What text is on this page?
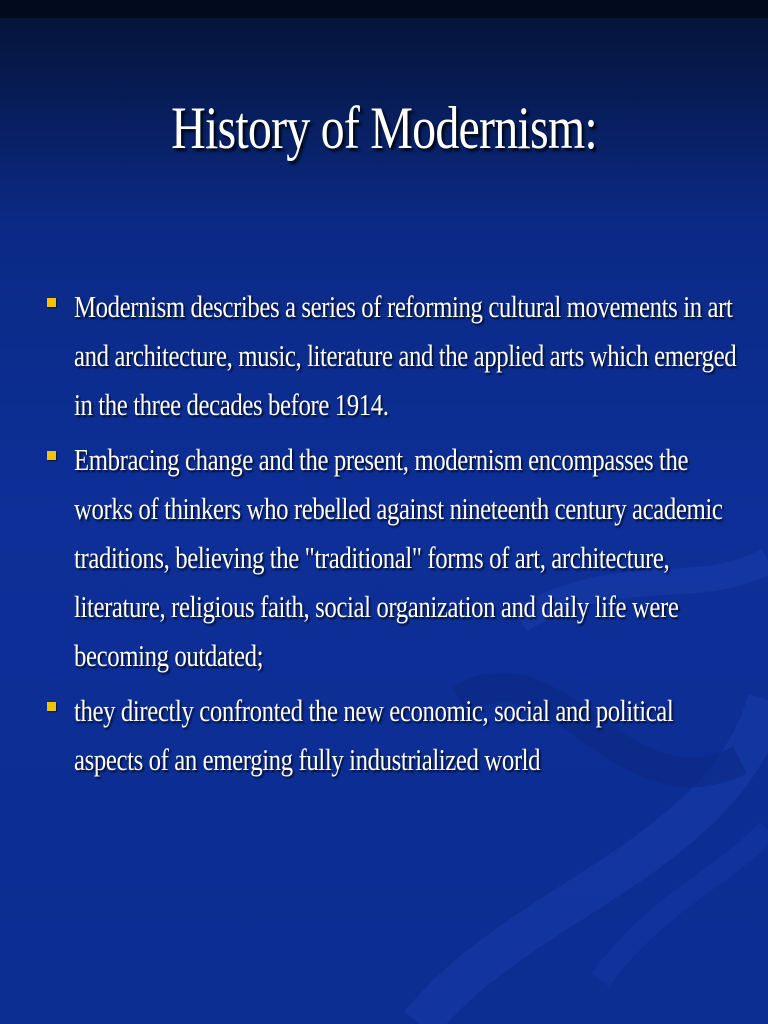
History of Modernism:
Modernism describes a series of reforming cultural movements in art and architecture, music, literature and the applied arts which emerged in the three decades before 1914.
Embracing change and the present, modernism encompasses the works of thinkers who rebelled against nineteenth century academic traditions, believing the "traditional" forms of art, architecture, literature, religious faith, social organization and daily life were becoming outdated;
they directly confronted the new economic, social and political aspects of an emerging fully industrialized world
